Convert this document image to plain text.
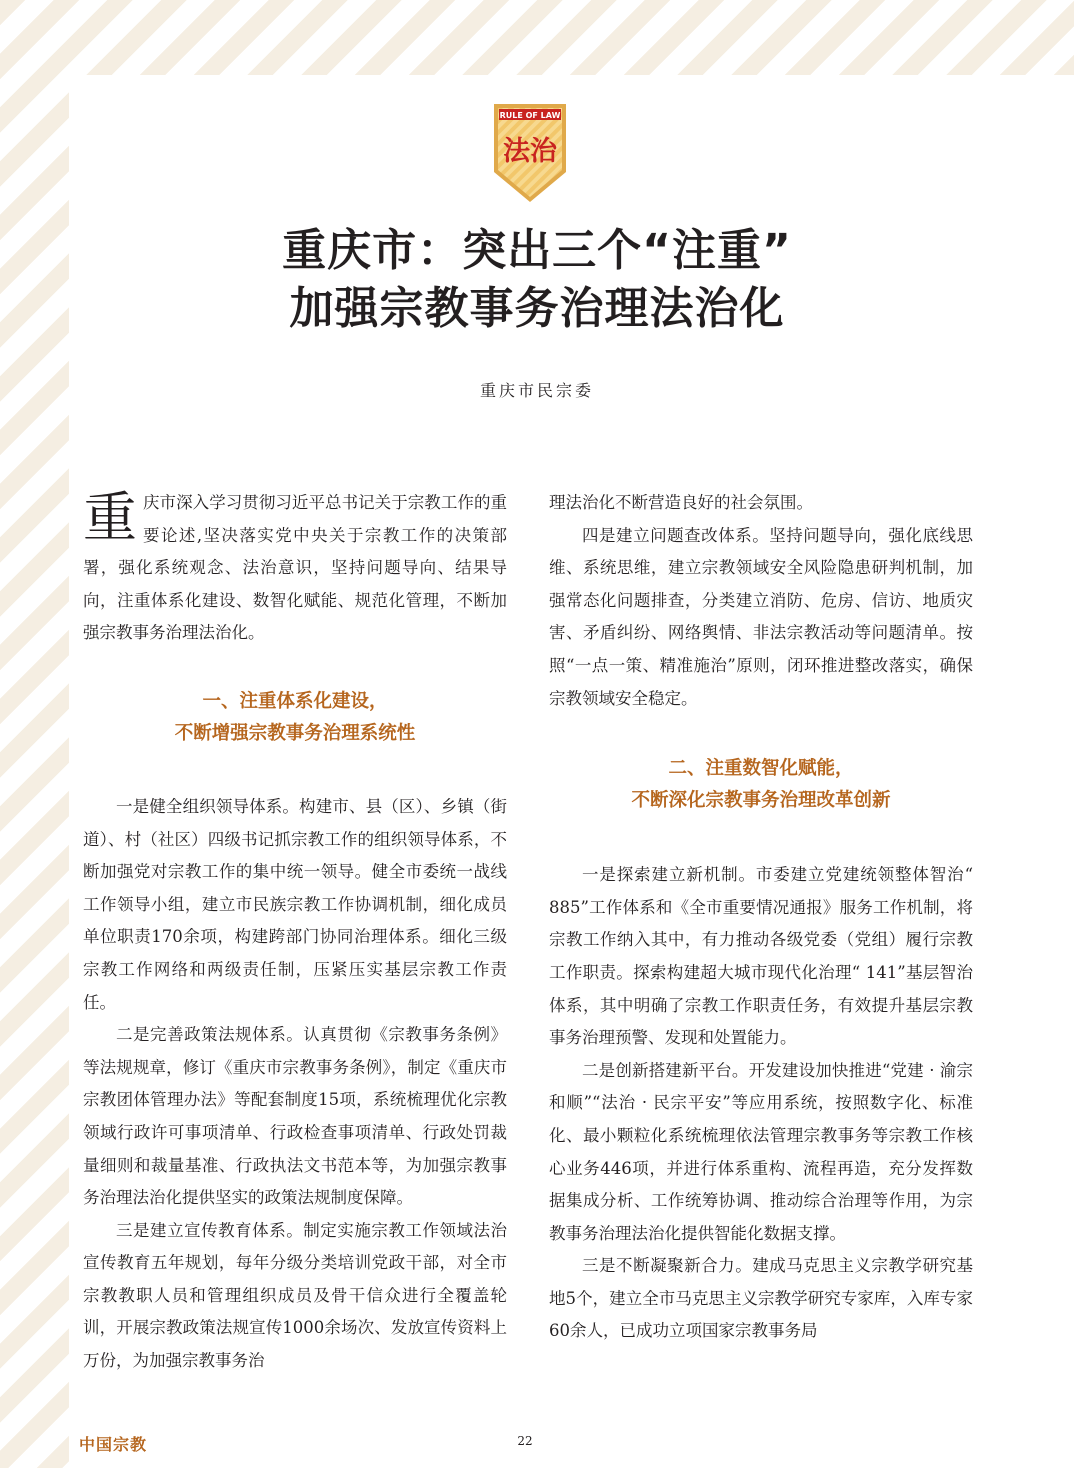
RULE OF LAW
法治
重庆市：突出三个“注重”
加强宗教事务治理法治化
重庆市民宗委

重庆市深入学习贯彻习近平总书记关于宗教工作的重要论述,坚决落实党中央关于宗教工作的决策部署，强化系统观念、法治意识，坚持问题导向、结果导向，注重体系化建设、数智化赋能、规范化管理，不断加强宗教事务治理法治化。

一、注重体系化建设，
不断增强宗教事务治理系统性

一是健全组织领导体系。构建市、县（区）、乡镇（街道）、村（社区）四级书记抓宗教工作的组织领导体系，不断加强党对宗教工作的集中统一领导。健全市委统一战线工作领导小组，建立市民族宗教工作协调机制，细化成员单位职责170余项，构建跨部门协同治理体系。细化三级宗教工作网络和两级责任制，压紧压实基层宗教工作责任。

二是完善政策法规体系。认真贯彻《宗教事务条例》等法规规章，修订《重庆市宗教事务条例》，制定《重庆市宗教团体管理办法》等配套制度15项，系统梳理优化宗教领域行政许可事项清单、行政检查事项清单、行政处罚裁量细则和裁量基准、行政执法文书范本等，为加强宗教事务治理法治化提供坚实的政策法规制度保障。

三是建立宣传教育体系。制定实施宗教工作领域法治宣传教育五年规划，每年分级分类培训党政干部，对全市宗教教职人员和管理组织成员及骨干信众进行全覆盖轮训，开展宗教政策法规宣传1000余场次、发放宣传资料上万份，为加强宗教事务治

理法治化不断营造良好的社会氛围。

四是建立问题查改体系。坚持问题导向，强化底线思维、系统思维，建立宗教领域安全风险隐患研判机制，加强常态化问题排查，分类建立消防、危房、信访、地质灾害、矛盾纠纷、网络舆情、非法宗教活动等问题清单。按照“一点一策、精准施治”原则，闭环推进整改落实，确保宗教领域安全稳定。

二、注重数智化赋能，
不断深化宗教事务治理改革创新

一是探索建立新机制。市委建立党建统领整体智治“ 885”工作体系和《全市重要情况通报》服务工作机制，将宗教工作纳入其中，有力推动各级党委（党组）履行宗教工作职责。探索构建超大城市现代化治理“ 141”基层智治体系，其中明确了宗教工作职责任务，有效提升基层宗教事务治理预警、发现和处置能力。

二是创新搭建新平台。开发建设加快推进“党建 · 渝宗和顺”“法治 · 民宗平安”等应用系统，按照数字化、标准化、最小颗粒化系统梳理依法管理宗教事务等宗教工作核心业务446项，并进行体系重构、流程再造，充分发挥数据集成分析、工作统筹协调、推动综合治理等作用，为宗教事务治理法治化提供智能化数据支撑。

三是不断凝聚新合力。建成马克思主义宗教学研究基地5个，建立全市马克思主义宗教学研究专家库，入库专家60余人，已成功立项国家宗教事务局

中国宗教	22
